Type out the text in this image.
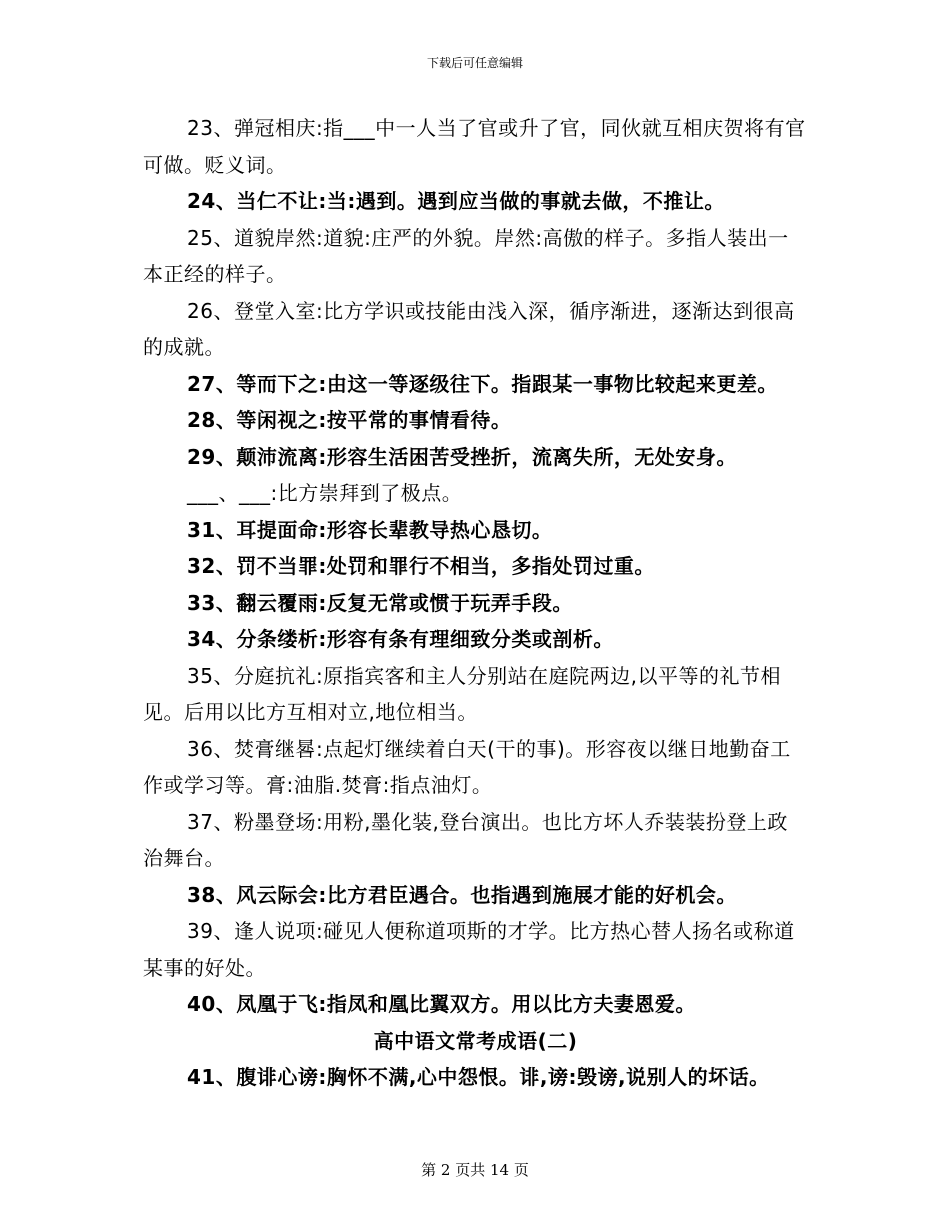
下载后可任意编辑

23、弹冠相庆:指___中一人当了官或升了官，同伙就互相庆贺将有官可做。贬义词。

24、当仁不让:当:遇到。遇到应当做的事就去做，不推让。

25、道貌岸然:道貌:庄严的外貌。岸然:高傲的样子。多指人装出一本正经的样子。

26、登堂入室:比方学识或技能由浅入深，循序渐进，逐渐达到很高的成就。

27、等而下之:由这一等逐级往下。指跟某一事物比较起来更差。

28、等闲视之:按平常的事情看待。

29、颠沛流离:形容生活困苦受挫折，流离失所，无处安身。

___、___:比方崇拜到了极点。

31、耳提面命:形容长辈教导热心恳切。

32、罚不当罪:处罚和罪行不相当，多指处罚过重。

33、翻云覆雨:反复无常或惯于玩弄手段。

34、分条缕析:形容有条有理细致分类或剖析。

35、分庭抗礼:原指宾客和主人分别站在庭院两边,以平等的礼节相见。后用以比方互相对立,地位相当。

36、焚膏继晷:点起灯继续着白天(干的事)。形容夜以继日地勤奋工作或学习等。膏:油脂.焚膏:指点油灯。

37、粉墨登场:用粉,墨化装,登台演出。也比方坏人乔装装扮登上政治舞台。

38、风云际会:比方君臣遇合。也指遇到施展才能的好机会。

39、逢人说项:碰见人便称道项斯的才学。比方热心替人扬名或称道某事的好处。

40、凤凰于飞:指凤和凰比翼双方。用以比方夫妻恩爱。

高中语文常考成语(二)

41、腹诽心谤:胸怀不满,心中怨恨。诽,谤:毁谤,说别人的坏话。

第 2 页共 14 页
